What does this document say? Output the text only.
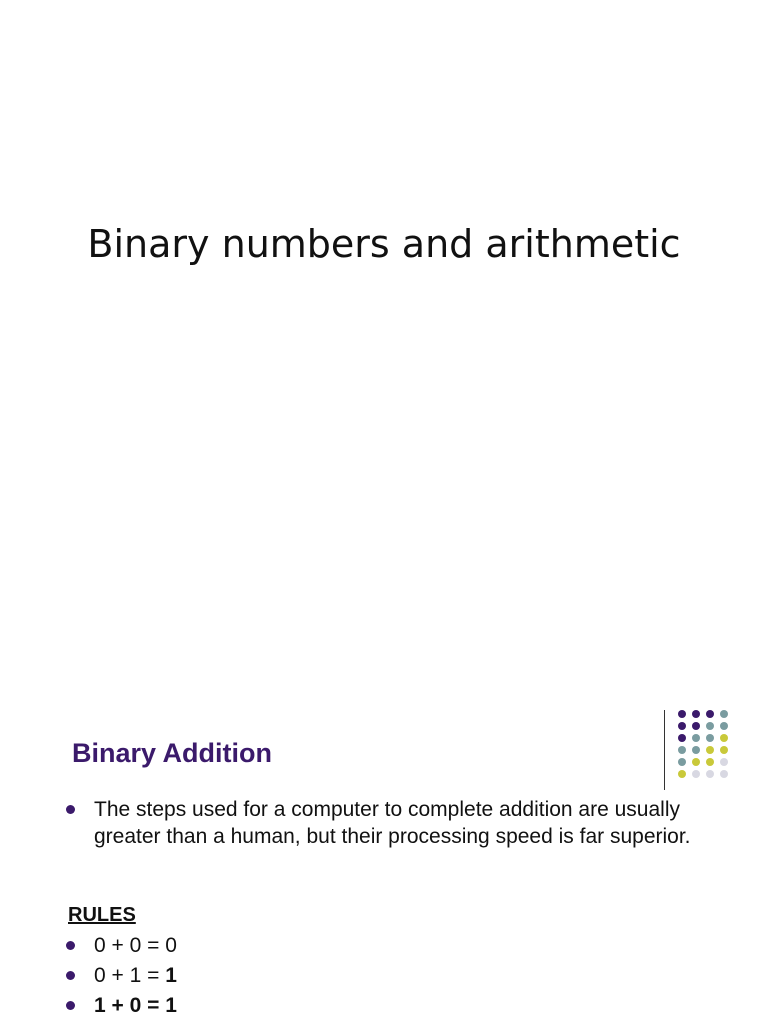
Binary numbers and arithmetic
Binary Addition
The steps used for a computer to complete addition are usually greater than a human, but their processing speed is far superior.
RULES
0 + 0 = 0
0 + 1 = 1
1 + 0 = 1
